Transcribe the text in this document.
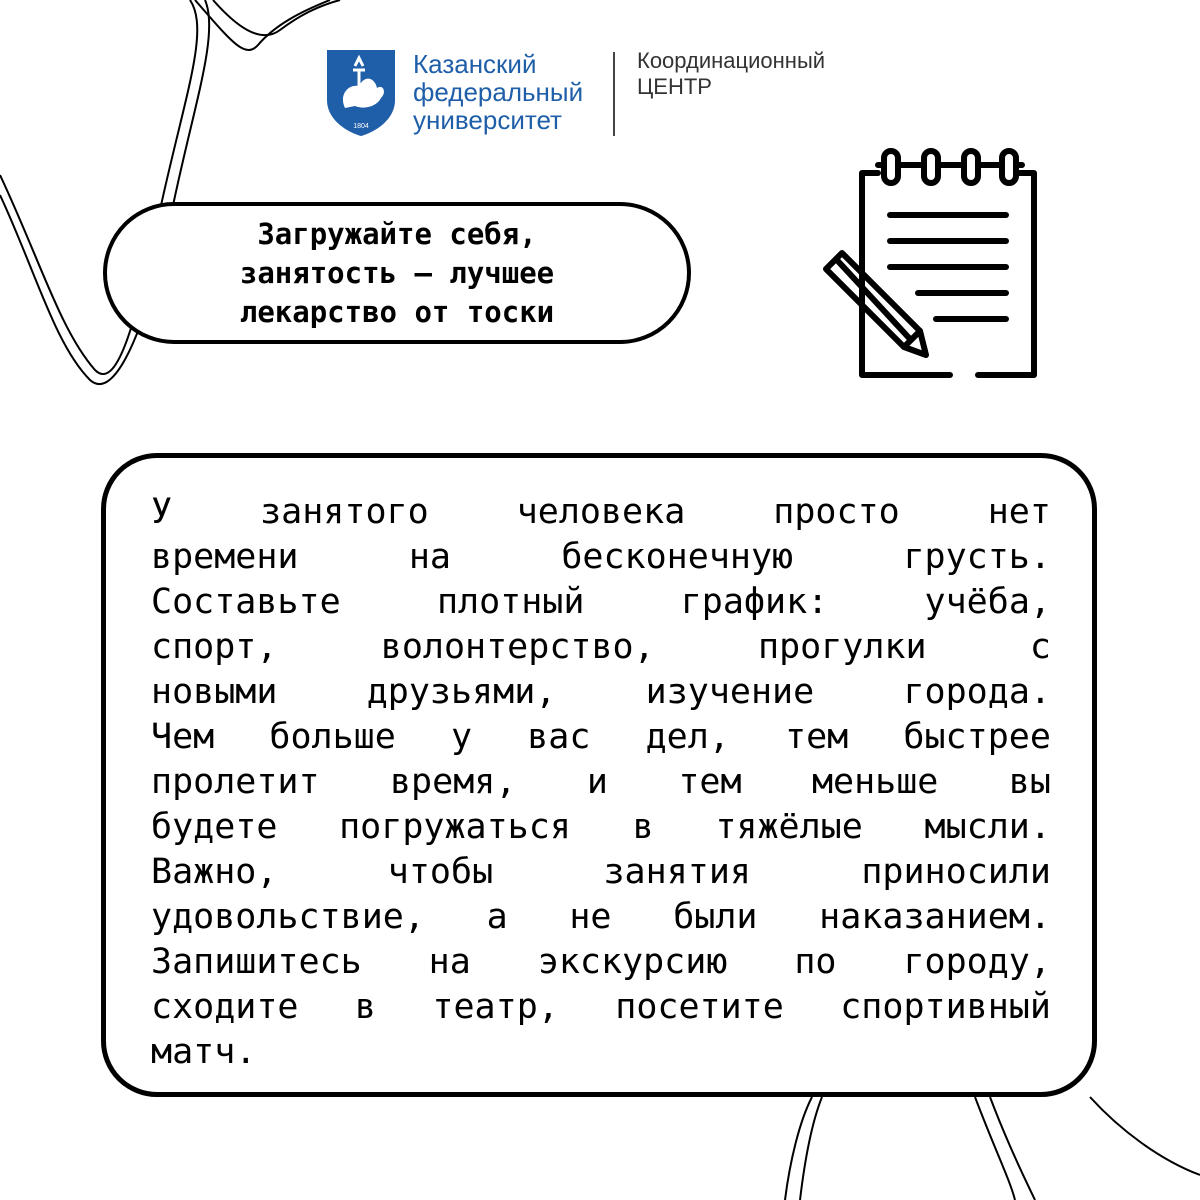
1804
Казанский
федеральный
университет
Координационный
ЦЕНТР
Загружайте себя,
занятость – лучшее
лекарство от тоски
У	занятого	человека	просто	нет
времени	на	бесконечную	грусть.
Составьте	плотный	график:	учёба,
спорт,	волонтерство,	прогулки	с
новыми	друзьями,	изучение	города.
Чем больше у вас дел, тем быстрее
пролетит время, и тем меньше вы
будете погружаться в тяжёлые мысли.
Важно,	чтобы	занятия	приносили
удовольствие, а не были наказанием.
Запишитесь на экскурсию по городу,
сходите в театр, посетите спортивный
матч.
